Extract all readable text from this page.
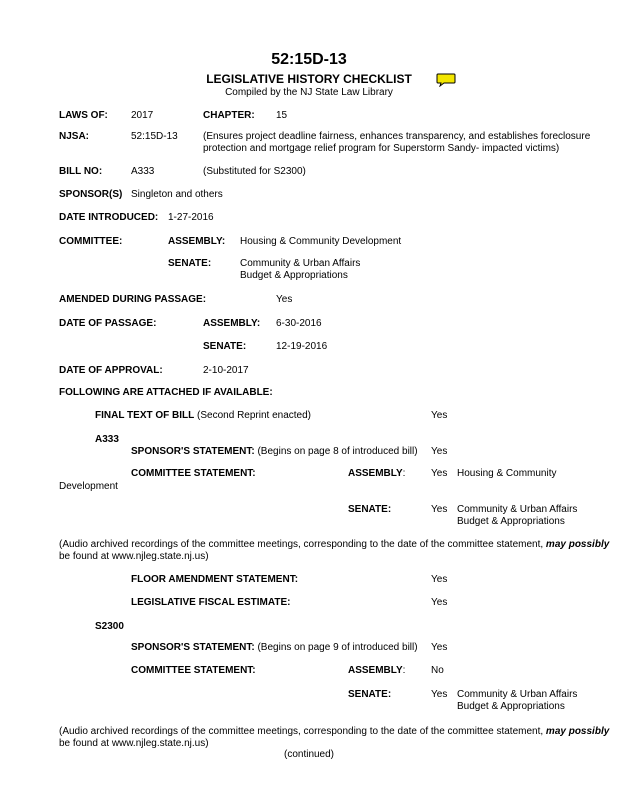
52:15D-13
LEGISLATIVE HISTORY CHECKLIST
Compiled by the NJ State Law Library
LAWS OF: 2017	CHAPTER: 15
NJSA:	52:15D-13	(Ensures project deadline fairness, enhances transparency, and establishes foreclosure
protection and mortgage relief program for Superstorm Sandy- impacted victims)
BILL NO:	A333	(Substituted for S2300)
SPONSOR(S) Singleton and others
DATE INTRODUCED: 1-27-2016
COMMITTEE:	ASSEMBLY: Housing & Community Development
SENATE:	Community & Urban Affairs
Budget & Appropriations
AMENDED DURING PASSAGE:	Yes
DATE OF PASSAGE:	ASSEMBLY: 6-30-2016
SENATE:	12-19-2016
DATE OF APPROVAL:	2-10-2017
FOLLOWING ARE ATTACHED IF AVAILABLE:
FINAL TEXT OF BILL (Second Reprint enacted)	Yes
A333
SPONSOR'S STATEMENT: (Begins on page 8 of introduced bill) Yes
COMMITTEE STATEMENT:	ASSEMBLY:	Yes Housing & Community
Development
SENATE:	Yes Community & Urban Affairs
Budget & Appropriations
(Audio archived recordings of the committee meetings, corresponding to the date of the committee statement, may possibly
be found at www.njleg.state.nj.us)
FLOOR AMENDMENT STATEMENT:	Yes
LEGISLATIVE FISCAL ESTIMATE:	Yes
S2300
SPONSOR'S STATEMENT: (Begins on page 9 of introduced bill) Yes
COMMITTEE STATEMENT:	ASSEMBLY:	No
SENATE:	Yes Community & Urban Affairs
Budget & Appropriations
(Audio archived recordings of the committee meetings, corresponding to the date of the committee statement, may possibly
be found at www.njleg.state.nj.us)
(continued)
